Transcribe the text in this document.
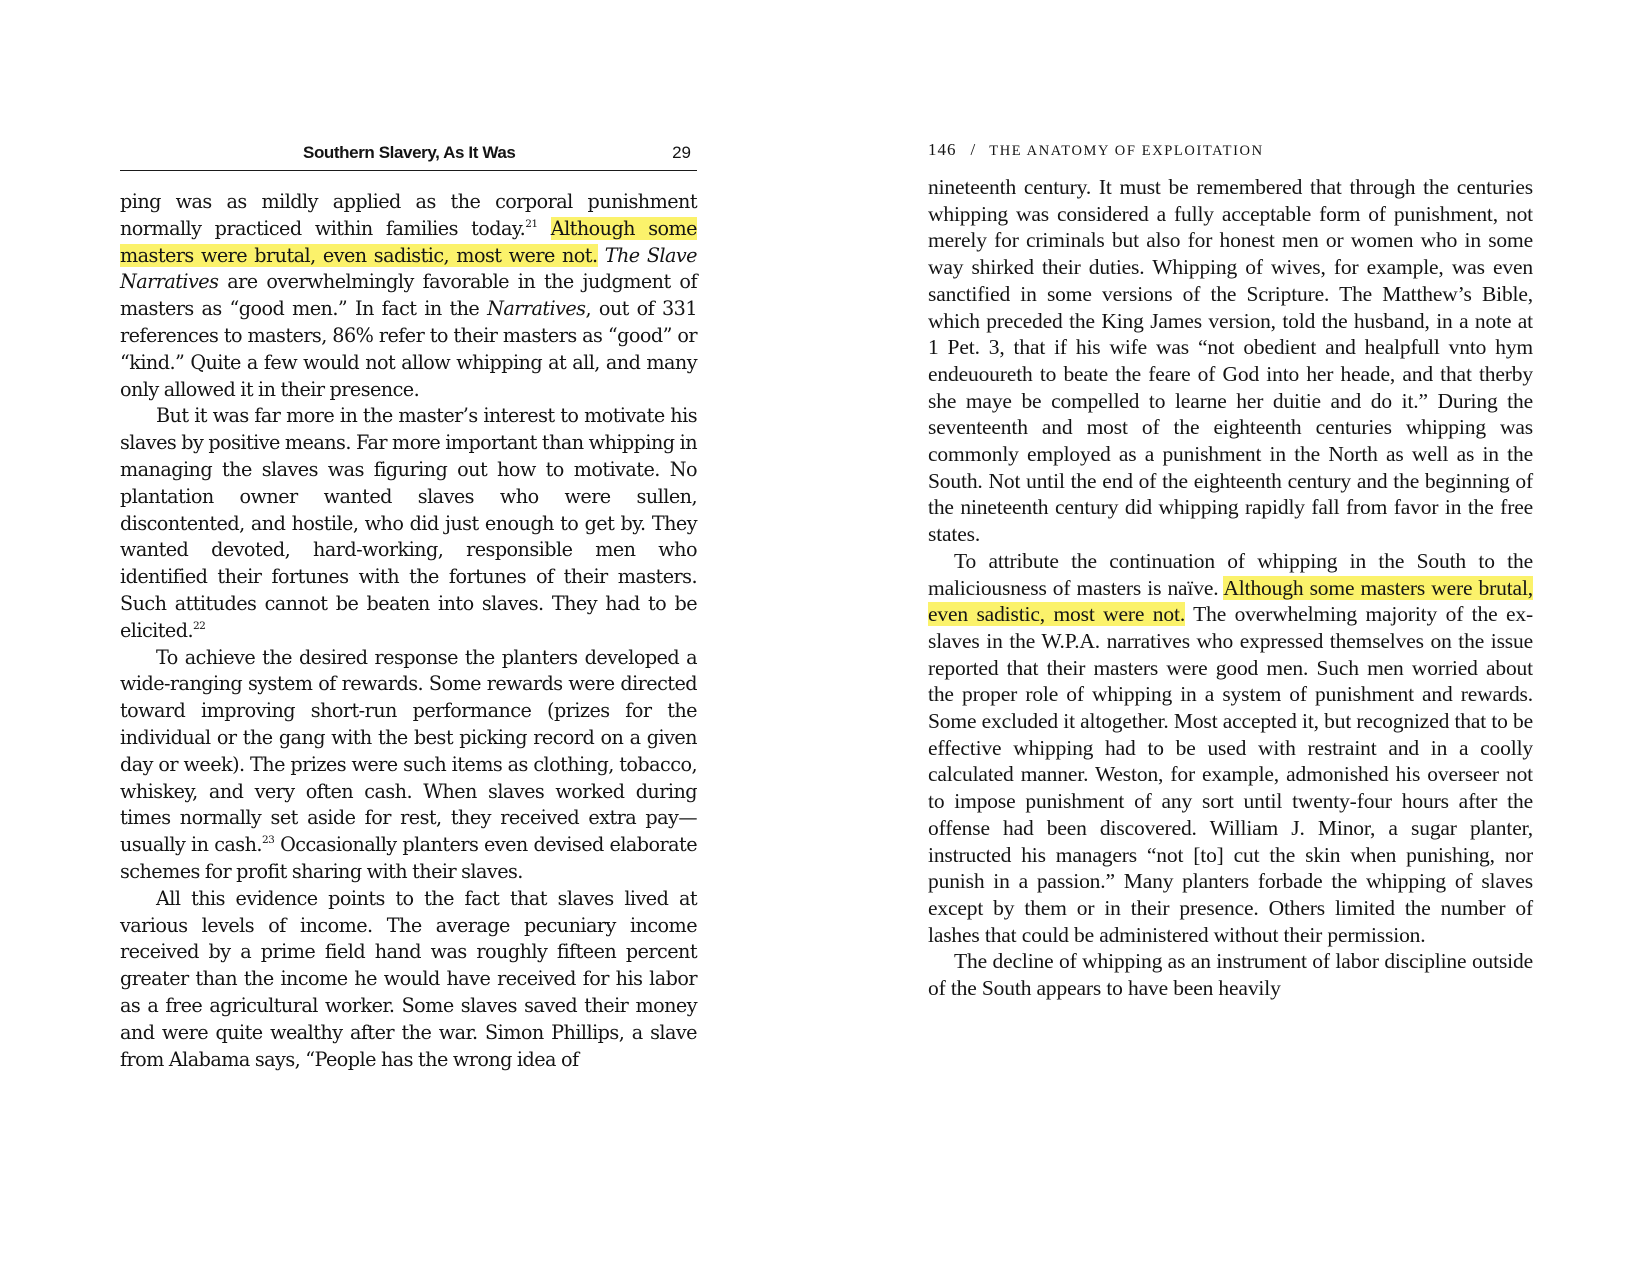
Southern Slavery, As It Was	29

ping was as mildly applied as the corporal punishment normally practiced within families today.$^{21}$ Although some masters were brutal, even sadistic, most were not. The Slave Narratives are overwhelmingly favorable in the judgment of masters as “good men.” In fact in the Narratives, out of 331 references to masters, 86% refer to their masters as “good” or “kind.” Quite a few would not allow whipping at all, and many only allowed it in their presence.

But it was far more in the master’s interest to motivate his slaves by positive means. Far more important than whipping in managing the slaves was figuring out how to motivate. No plantation owner wanted slaves who were sullen, discontented, and hostile, who did just enough to get by. They wanted devoted, hard-working, responsible men who identified their fortunes with the fortunes of their masters. Such attitudes cannot be beaten into slaves. They had to be elicited.$^{22}$

To achieve the desired response the planters developed a wide-ranging system of rewards. Some rewards were directed toward improving short-run performance (prizes for the individual or the gang with the best picking record on a given day or week). The prizes were such items as clothing, tobacco, whiskey, and very often cash. When slaves worked during times normally set aside for rest, they received extra pay—usually in cash.$^{23}$ Occasionally planters even devised elaborate schemes for profit sharing with their slaves.

All this evidence points to the fact that slaves lived at various levels of income. The average pecuniary income received by a prime field hand was roughly fifteen percent greater than the income he would have received for his labor as a free agricultural worker. Some slaves saved their money and were quite wealthy after the war. Simon Phillips, a slave from Alabama says, “People has the wrong idea of

146 / THE ANATOMY OF EXPLOITATION

nineteenth century. It must be remembered that through the centuries whipping was considered a fully acceptable form of punishment, not merely for criminals but also for honest men or women who in some way shirked their duties. Whipping of wives, for example, was even sanctified in some versions of the Scripture. The Matthew’s Bible, which preceded the King James version, told the husband, in a note at 1 Pet. 3, that if his wife was “not obedient and healpfull vnto hym endeuoureth to beate the feare of God into her heade, and that therby she maye be compelled to learne her duitie and do it.” During the seventeenth and most of the eighteenth centuries whipping was commonly employed as a punishment in the North as well as in the South. Not until the end of the eighteenth century and the beginning of the nineteenth century did whipping rapidly fall from favor in the free states.

To attribute the continuation of whipping in the South to the maliciousness of masters is naïve. Although some masters were brutal, even sadistic, most were not. The overwhelming majority of the ex-slaves in the W.P.A. narratives who expressed themselves on the issue reported that their masters were good men. Such men worried about the proper role of whipping in a system of punishment and rewards. Some excluded it altogether. Most accepted it, but recognized that to be effective whipping had to be used with restraint and in a coolly calculated manner. Weston, for example, admonished his overseer not to impose punishment of any sort until twenty-four hours after the offense had been discovered. William J. Minor, a sugar planter, instructed his managers “not [to] cut the skin when punishing, nor punish in a passion.” Many planters forbade the whipping of slaves except by them or in their presence. Others limited the number of lashes that could be administered without their permission.

The decline of whipping as an instrument of labor discipline outside of the South appears to have been heavily
